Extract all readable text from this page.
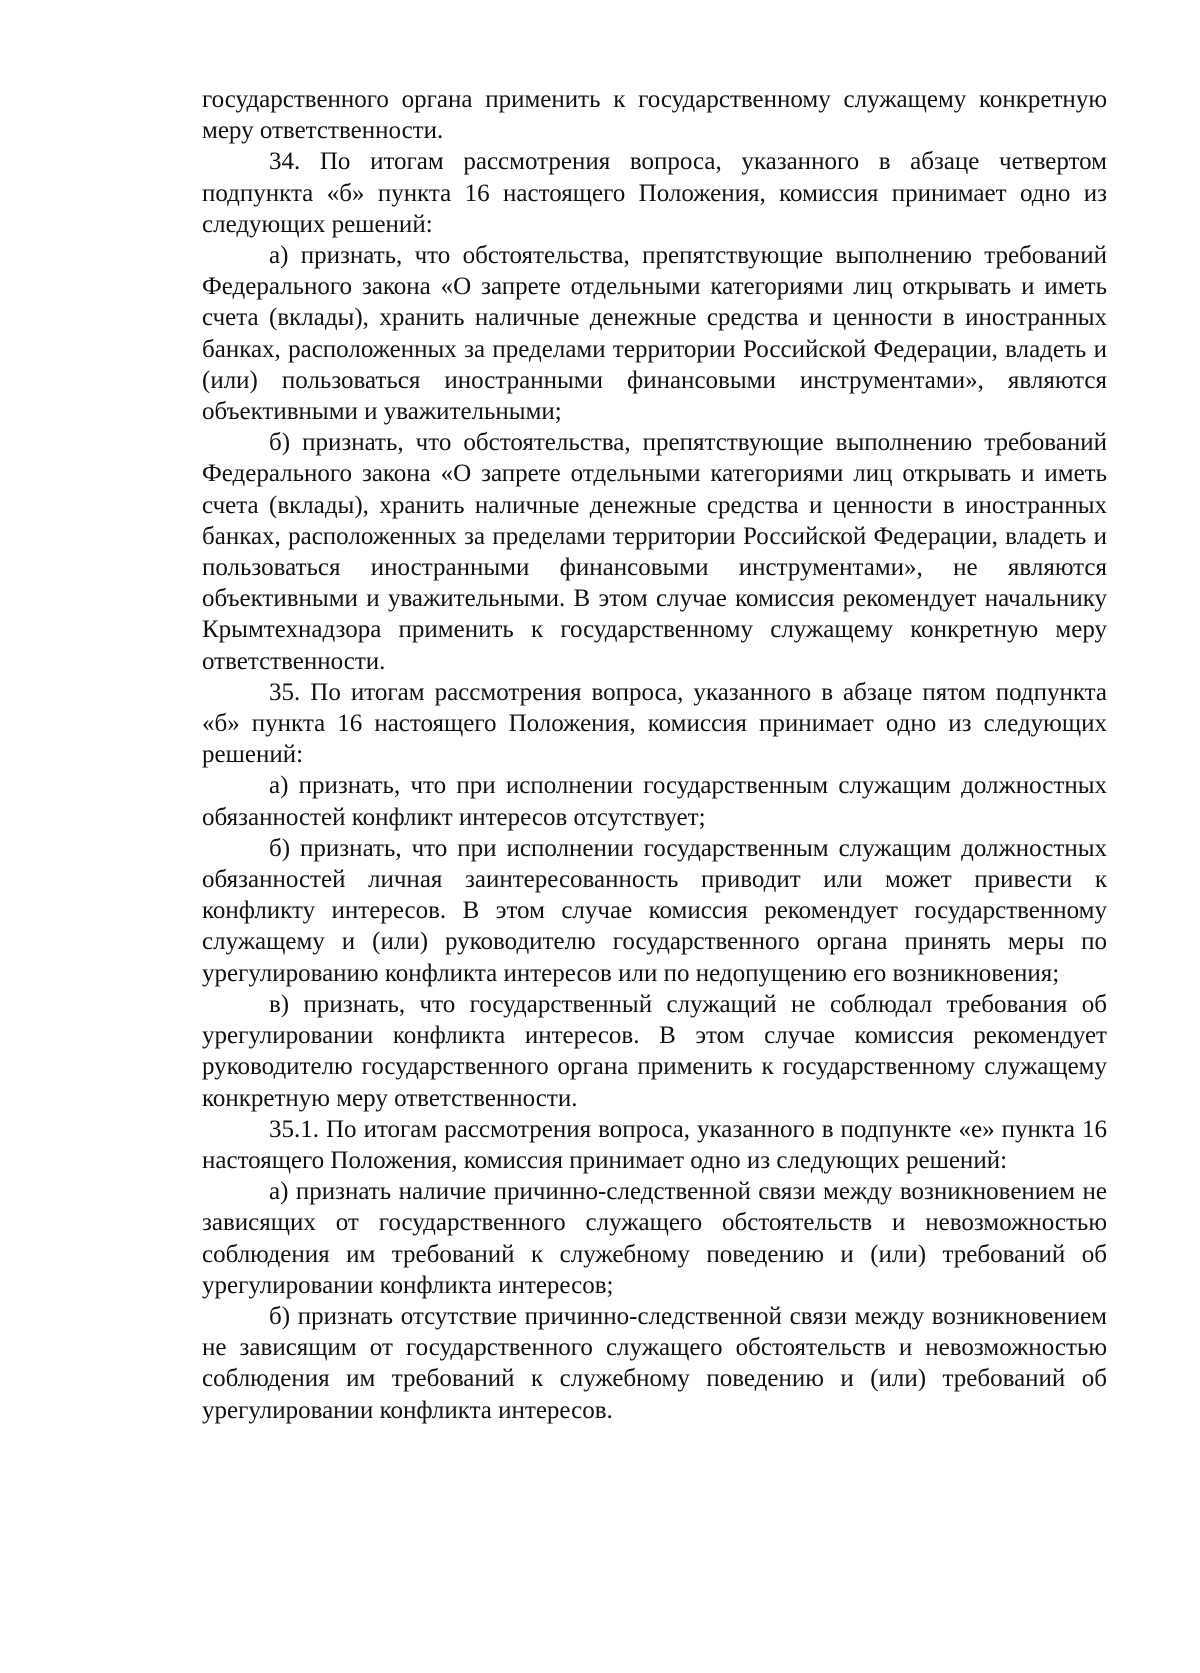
государственного органа применить к государственному служащему конкретную меру ответственности.

34. По итогам рассмотрения вопроса, указанного в абзаце четвертом подпункта «б» пункта 16 настоящего Положения, комиссия принимает одно из следующих решений:

а) признать, что обстоятельства, препятствующие выполнению требований Федерального закона «О запрете отдельными категориями лиц открывать и иметь счета (вклады), хранить наличные денежные средства и ценности в иностранных банках, расположенных за пределами территории Российской Федерации, владеть и (или) пользоваться иностранными финансовыми инструментами», являются объективными и уважительными;

б) признать, что обстоятельства, препятствующие выполнению требований Федерального закона «О запрете отдельными категориями лиц открывать и иметь счета (вклады), хранить наличные денежные средства и ценности в иностранных банках, расположенных за пределами территории Российской Федерации, владеть и пользоваться иностранными финансовыми инструментами», не являются объективными и уважительными. В этом случае комиссия рекомендует начальнику Крымтехнадзора применить к государственному служащему конкретную меру ответственности.

35. По итогам рассмотрения вопроса, указанного в абзаце пятом подпункта «б» пункта 16 настоящего Положения, комиссия принимает одно из следующих решений:

а) признать, что при исполнении государственным служащим должностных обязанностей конфликт интересов отсутствует;

б) признать, что при исполнении государственным служащим должностных обязанностей личная заинтересованность приводит или может привести к конфликту интересов. В этом случае комиссия рекомендует государственному служащему и (или) руководителю государственного органа принять меры по урегулированию конфликта интересов или по недопущению его возникновения;

в) признать, что государственный служащий не соблюдал требования об урегулировании конфликта интересов. В этом случае комиссия рекомендует руководителю государственного органа применить к государственному служащему конкретную меру ответственности.

35.1. По итогам рассмотрения вопроса, указанного в подпункте «е» пункта 16 настоящего Положения, комиссия принимает одно из следующих решений:

а) признать наличие причинно-следственной связи между возникновением не зависящих от государственного служащего обстоятельств и невозможностью соблюдения им требований к служебному поведению и (или) требований об урегулировании конфликта интересов;

б) признать отсутствие причинно-следственной связи между возникновением не зависящим от государственного служащего обстоятельств и невозможностью соблюдения им требований к служебному поведению и (или) требований об урегулировании конфликта интересов.
